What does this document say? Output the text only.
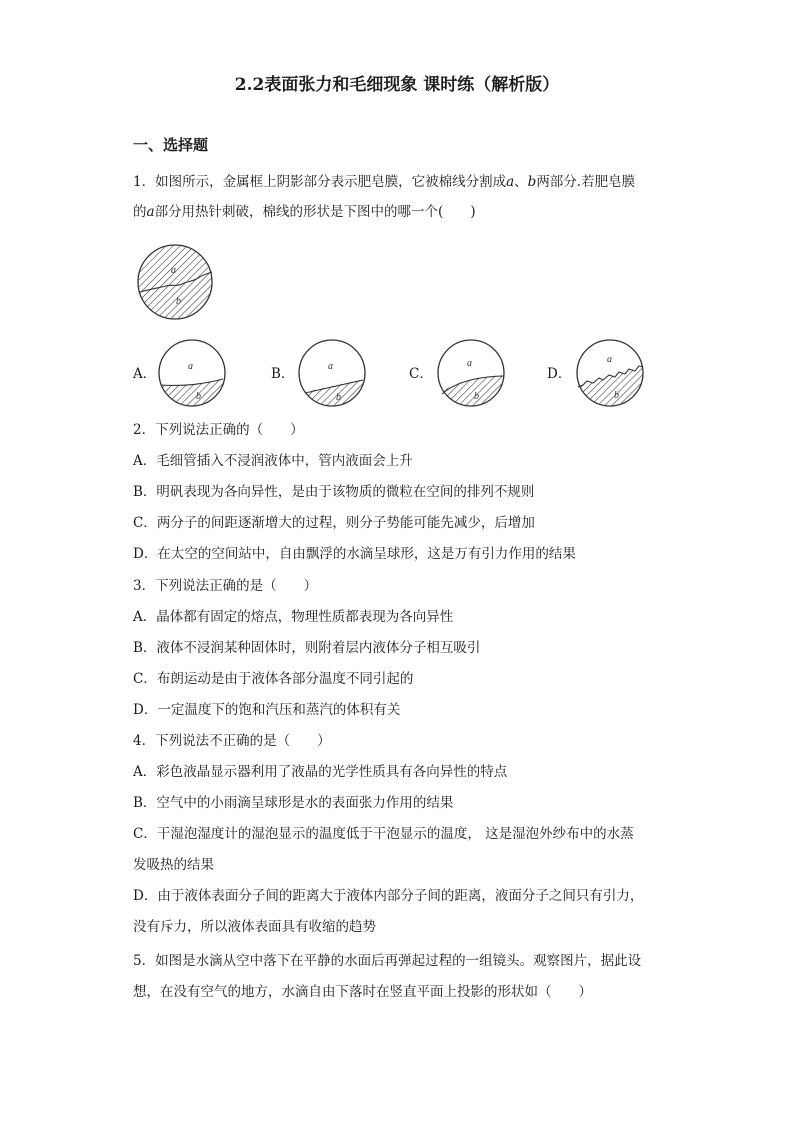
2.2表面张力和毛细现象 课时练（解析版）
一、选择题
1．如图所示，金属框上阴影部分表示肥皂膜，它被棉线分割成a、b两部分.若肥皂膜
的a部分用热针刺破，棉线的形状是下图中的哪一个(　　)
a
b
A．	a
b
B．	a
b
C．
a
b
D．
a
b
2．下列说法正确的（　　）
A．毛细管插入不浸润液体中，管内液面会上升
B．明矾表现为各向异性，是由于该物质的微粒在空间的排列不规则
C．两分子的间距逐渐增大的过程，则分子势能可能先减少，后增加
D．在太空的空间站中，自由飘浮的水滴呈球形，这是万有引力作用的结果
3．下列说法正确的是（　　）
A．晶体都有固定的熔点，物理性质都表现为各向异性
B．液体不浸润某种固体时，则附着层内液体分子相互吸引
C．布朗运动是由于液体各部分温度不同引起的
D．一定温度下的饱和汽压和蒸汽的体积有关
4．下列说法不正确的是（　　）
A．彩色液晶显示器利用了液晶的光学性质具有各向异性的特点
B．空气中的小雨滴呈球形是水的表面张力作用的结果
C．干湿泡湿度计的湿泡显示的温度低于干泡显示的温度， 这是湿泡外纱布中的水蒸
发吸热的结果
D．由于液体表面分子间的距离大于液体内部分子间的距离，液面分子之间只有引力，
没有斥力，所以液体表面具有收缩的趋势
5．如图是水滴从空中落下在平静的水面后再弹起过程的一组镜头。观察图片，据此设
想，在没有空气的地方，水滴自由下落时在竖直平面上投影的形状如（　　）
